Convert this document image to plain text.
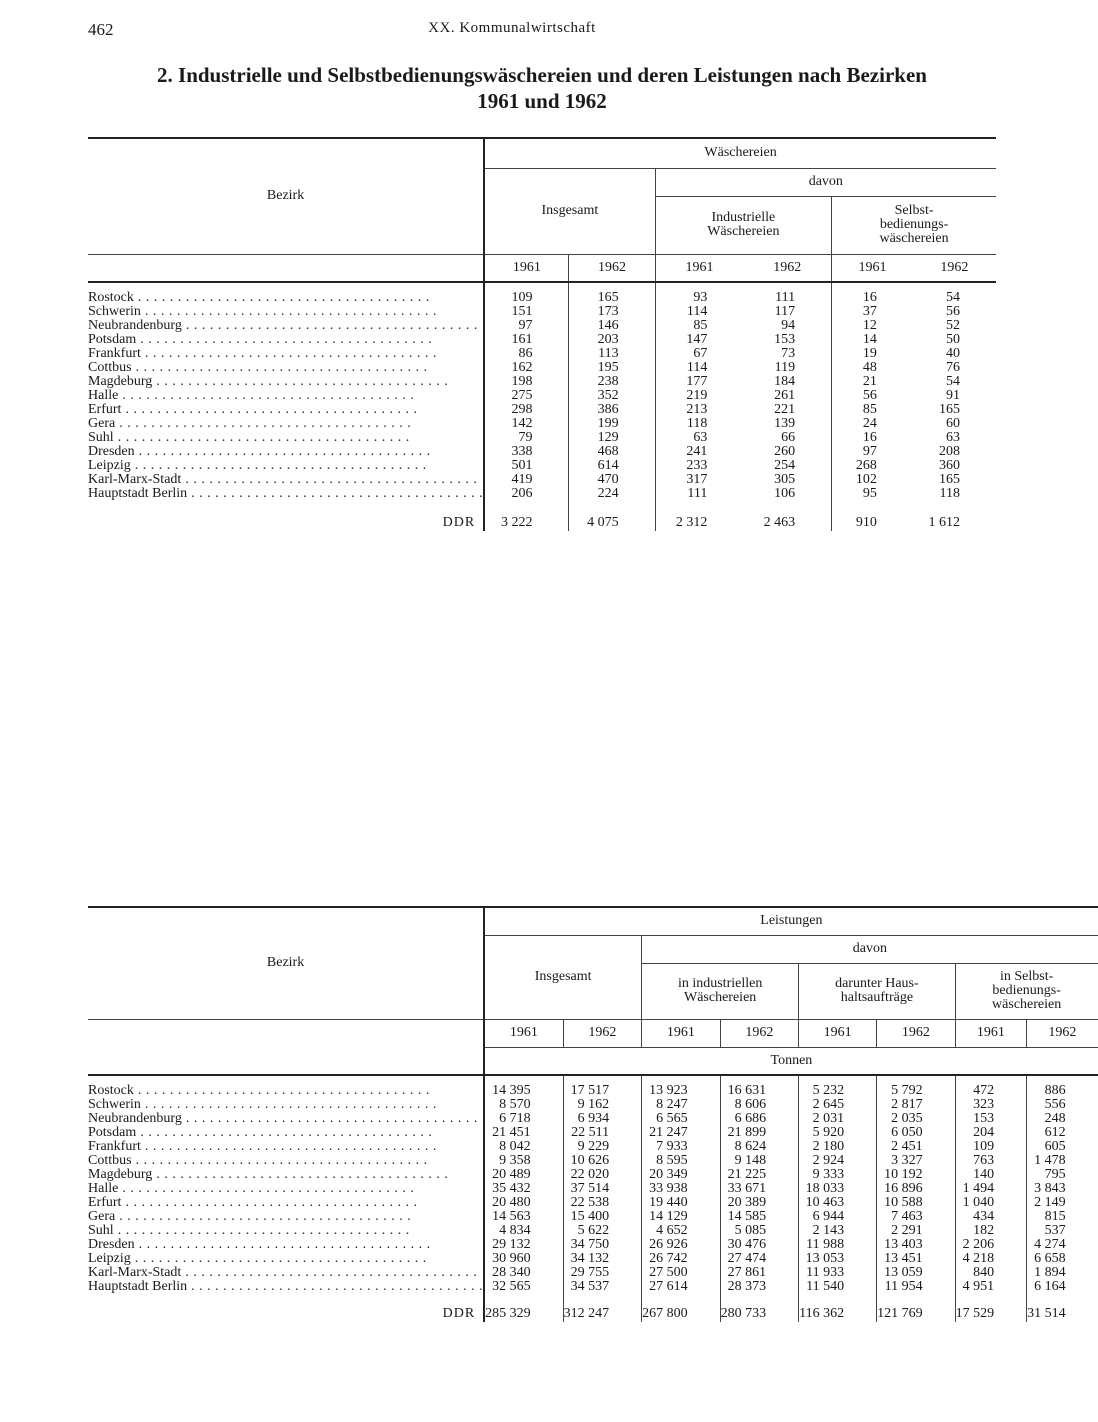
462	XX. Kommunalwirtschaft
2. Industrielle und Selbstbedienungswäschereien und deren Leistungen nach Bezirken
1961 und 1962
Bezirk	Wäschereien					
	Insgesamt		davon			

			Industrielle Wäschereien		Selbst-bedienungs-wäschereien	

	1961	1962	1961	1962	1961	1962

Rostock . . .	109	165	93	111	16	54
Schwerin . . .	151	173	114	117	37	56
Neubrandenburg . . .	97	146	85	94	12	52
Potsdam . . .	161	203	147	153	14	50
Frankfurt . . .	86	113	67	73	19	40
Cottbus . . .	162	195	114	119	48	76
Magdeburg . . .	198	238	177	184	21	54
Halle . . .	275	352	219	261	56	91
Erfurt . . .	298	386	213	221	85	165
Gera . . .	142	199	118	139	24	60
Suhl . . .	79	129	63	66	16	63
Dresden . . .	338	468	241	260	97	208
Leipzig . . .	501	614	233	254	268	360
Karl-Marx-Stadt . . .	419	470	317	305	102	165
Hauptstadt Berlin . . .	206	224	111	106	95	118

DDR	3 222	4 075	2 312	2 463	910	1 612
Bezirk	Leistungen							
	Insgesamt		davon					

			in industriellen Wäschereien		darunter Haus-haltsaufträge		in Selbst-bedienungs-wäschereien	

	1961	1962	1961	1962	1961	1962	1961	1962
	Tonnen							

Rostock . . .	14 395	17 517	13 923	16 631	5 232	5 792	472	886
Schwerin . . .	8 570	9 162	8 247	8 606	2 645	2 817	323	556
Neubrandenburg . . .	6 718	6 934	6 565	6 686	2 031	2 035	153	248
Potsdam . . .	21 451	22 511	21 247	21 899	5 920	6 050	204	612
Frankfurt . . .	8 042	9 229	7 933	8 624	2 180	2 451	109	605
Cottbus . . .	9 358	10 626	8 595	9 148	2 924	3 327	763	1 478
Magdeburg . . .	20 489	22 020	20 349	21 225	9 333	10 192	140	795
Halle . . .	35 432	37 514	33 938	33 671	18 033	16 896	1 494	3 843
Erfurt . . .	20 480	22 538	19 440	20 389	10 463	10 588	1 040	2 149
Gera . . .	14 563	15 400	14 129	14 585	6 944	7 463	434	815
Suhl . . .	4 834	5 622	4 652	5 085	2 143	2 291	182	537
Dresden . . .	29 132	34 750	26 926	30 476	11 988	13 403	2 206	4 274
Leipzig . . .	30 960	34 132	26 742	27 474	13 053	13 451	4 218	6 658
Karl-Marx-Stadt . . .	28 340	29 755	27 500	27 861	11 933	13 059	840	1 894
Hauptstadt Berlin . . .	32 565	34 537	27 614	28 373	11 540	11 954	4 951	6 164

DDR	285 329	312 247	267 800	280 733	116 362	121 769	17 529	31 514
